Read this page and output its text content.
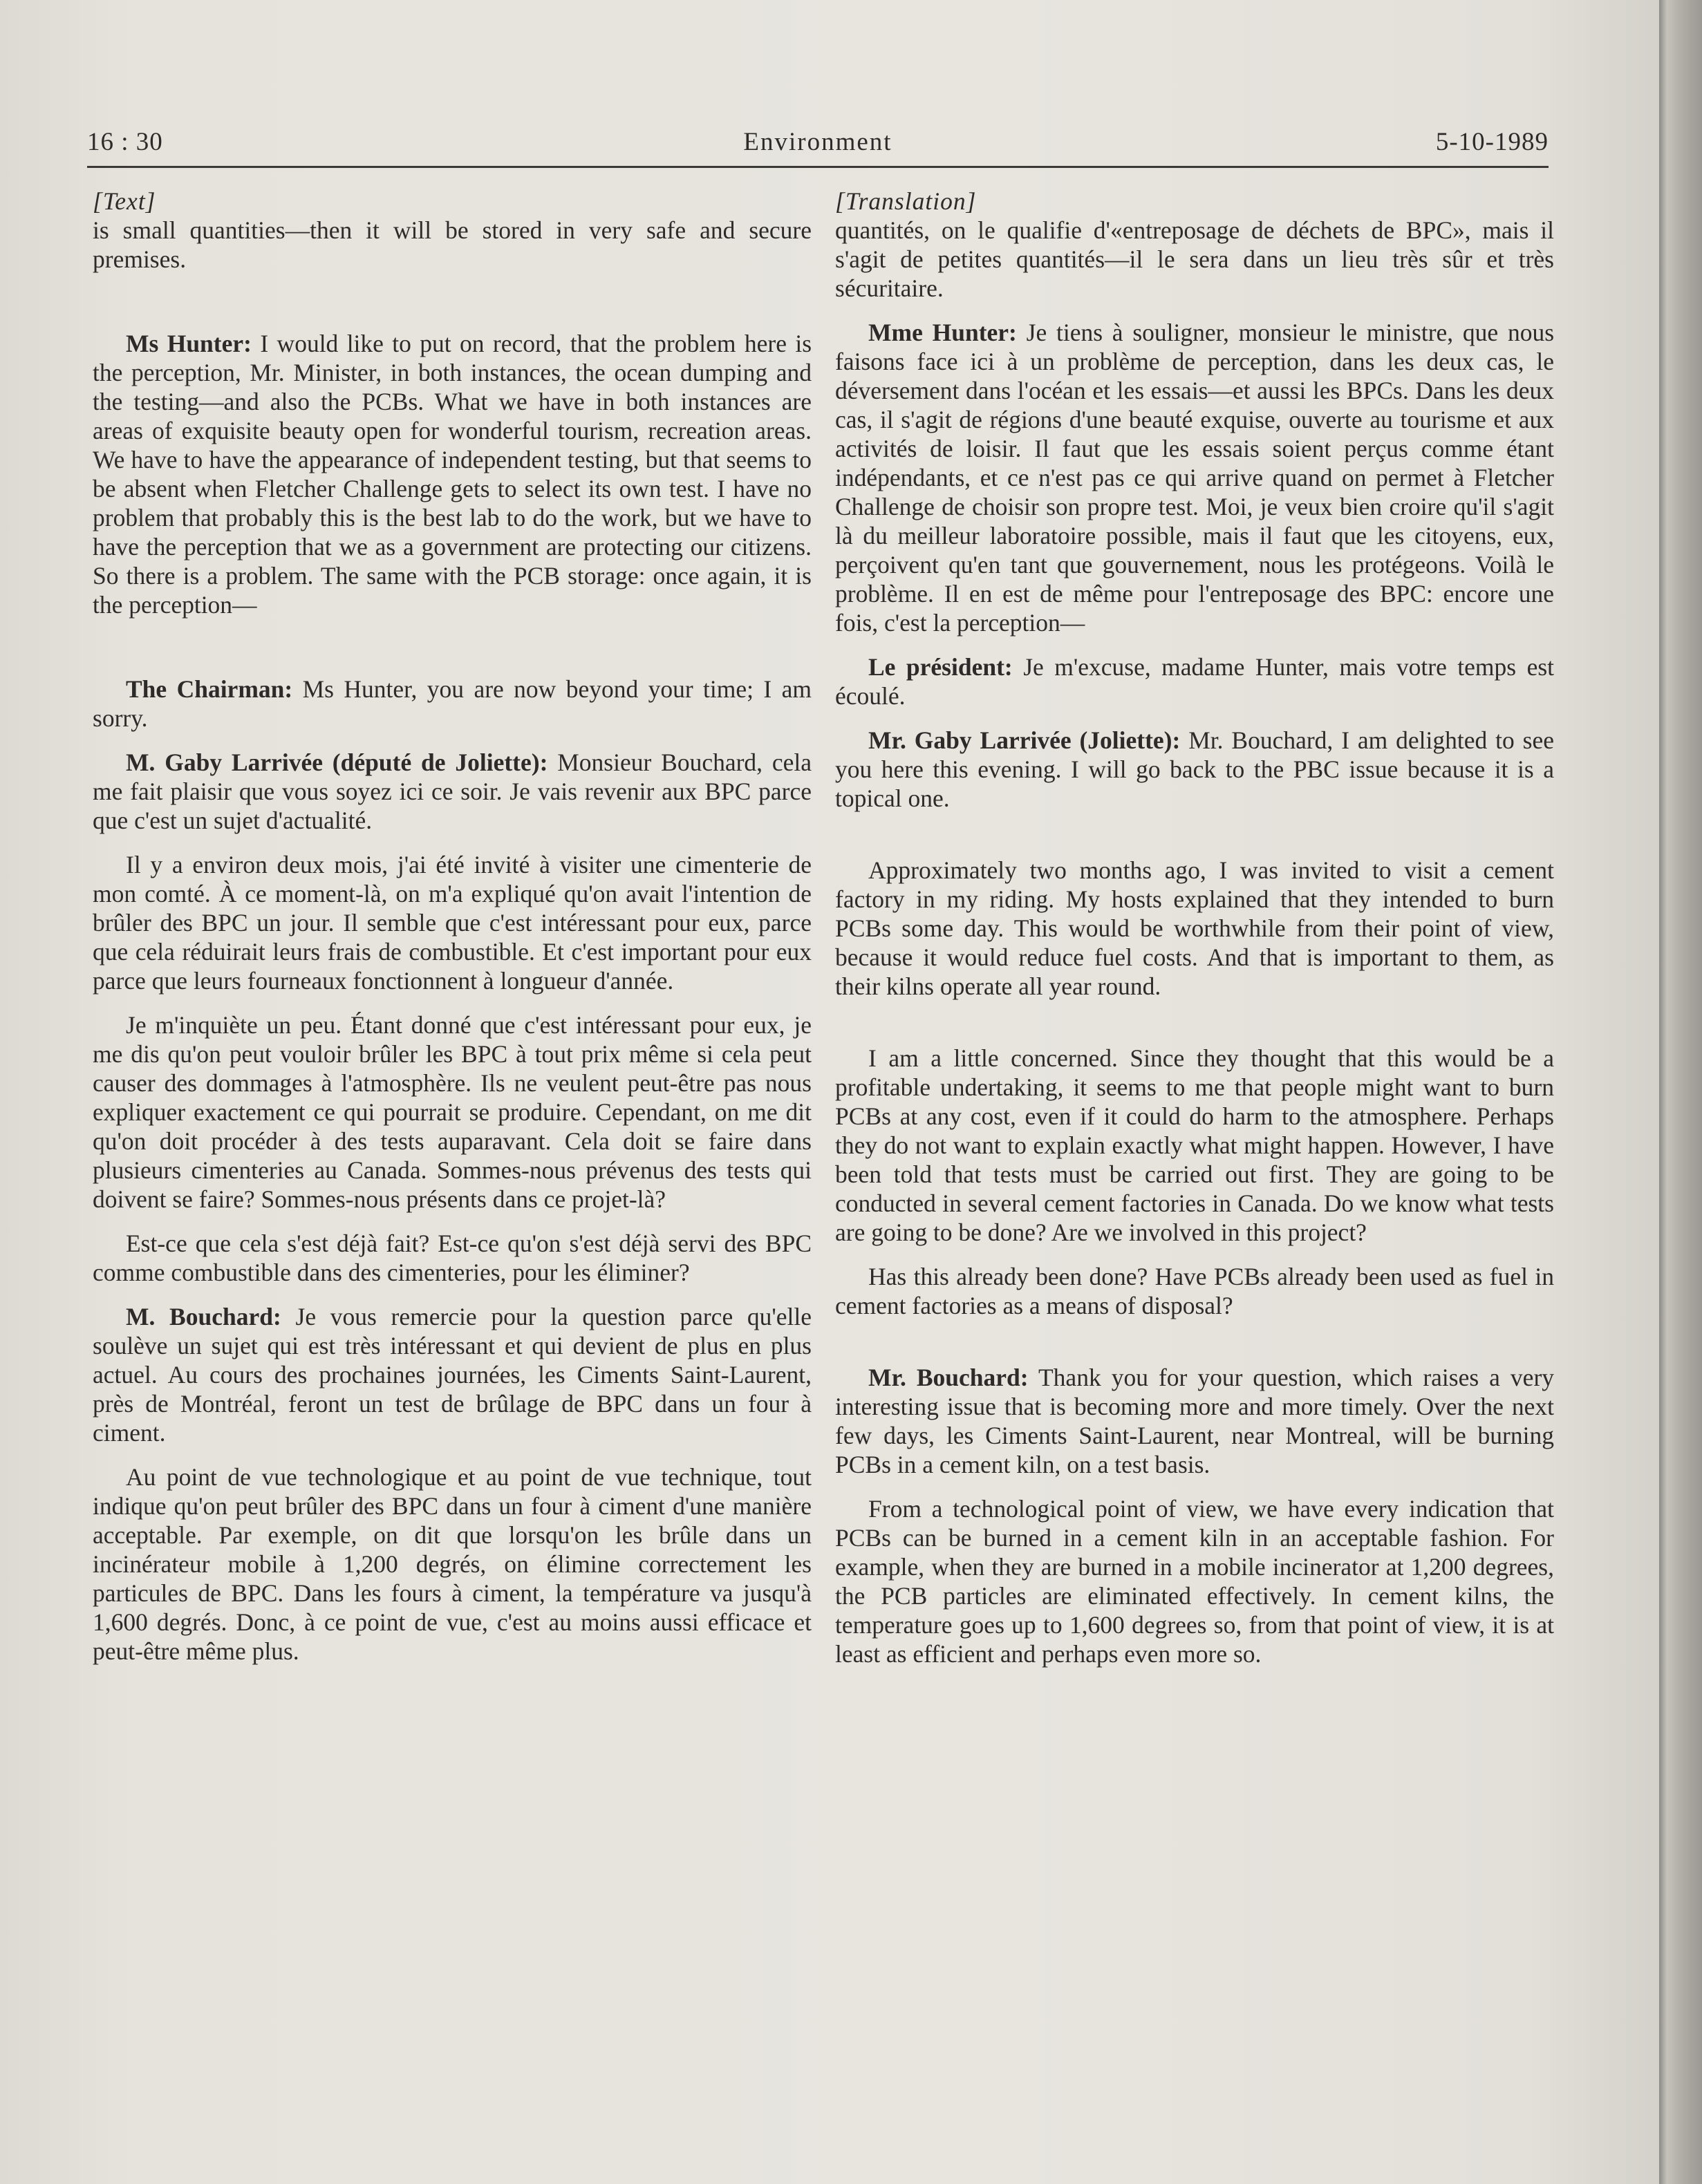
16 : 30	Environment	5-10-1989

[Text]

is small quantities—then it will be stored in very safe and secure premises.

Ms Hunter: I would like to put on record, that the problem here is the perception, Mr. Minister, in both instances, the ocean dumping and the testing—and also the PCBs. What we have in both instances are areas of exquisite beauty open for wonderful tourism, recreation areas. We have to have the appearance of independent testing, but that seems to be absent when Fletcher Challenge gets to select its own test. I have no problem that probably this is the best lab to do the work, but we have to have the perception that we as a government are protecting our citizens. So there is a problem. The same with the PCB storage: once again, it is the perception—

The Chairman: Ms Hunter, you are now beyond your time; I am sorry.

M. Gaby Larrivée (député de Joliette): Monsieur Bouchard, cela me fait plaisir que vous soyez ici ce soir. Je vais revenir aux BPC parce que c'est un sujet d'actualité.

Il y a environ deux mois, j'ai été invité à visiter une cimenterie de mon comté. À ce moment-là, on m'a expliqué qu'on avait l'intention de brûler des BPC un jour. Il semble que c'est intéressant pour eux, parce que cela réduirait leurs frais de combustible. Et c'est important pour eux parce que leurs fourneaux fonctionnent à longueur d'année.

Je m'inquiète un peu. Étant donné que c'est intéressant pour eux, je me dis qu'on peut vouloir brûler les BPC à tout prix même si cela peut causer des dommages à l'atmosphère. Ils ne veulent peut-être pas nous expliquer exactement ce qui pourrait se produire. Cependant, on me dit qu'on doit procéder à des tests auparavant. Cela doit se faire dans plusieurs cimenteries au Canada. Sommes-nous prévenus des tests qui doivent se faire? Sommes-nous présents dans ce projet-là?

Est-ce que cela s'est déjà fait? Est-ce qu'on s'est déjà servi des BPC comme combustible dans des cimenteries, pour les éliminer?

M. Bouchard: Je vous remercie pour la question parce qu'elle soulève un sujet qui est très intéressant et qui devient de plus en plus actuel. Au cours des prochaines journées, les Ciments Saint-Laurent, près de Montréal, feront un test de brûlage de BPC dans un four à ciment.

Au point de vue technologique et au point de vue technique, tout indique qu'on peut brûler des BPC dans un four à ciment d'une manière acceptable. Par exemple, on dit que lorsqu'on les brûle dans un incinérateur mobile à 1,200 degrés, on élimine correctement les particules de BPC. Dans les fours à ciment, la température va jusqu'à 1,600 degrés. Donc, à ce point de vue, c'est au moins aussi efficace et peut-être même plus.

[Translation]

quantités, on le qualifie d'«entreposage de déchets de BPC», mais il s'agit de petites quantités—il le sera dans un lieu très sûr et très sécuritaire.

Mme Hunter: Je tiens à souligner, monsieur le ministre, que nous faisons face ici à un problème de perception, dans les deux cas, le déversement dans l'océan et les essais—et aussi les BPCs. Dans les deux cas, il s'agit de régions d'une beauté exquise, ouverte au tourisme et aux activités de loisir. Il faut que les essais soient perçus comme étant indépendants, et ce n'est pas ce qui arrive quand on permet à Fletcher Challenge de choisir son propre test. Moi, je veux bien croire qu'il s'agit là du meilleur laboratoire possible, mais il faut que les citoyens, eux, perçoivent qu'en tant que gouvernement, nous les protégeons. Voilà le problème. Il en est de même pour l'entreposage des BPC: encore une fois, c'est la perception—

Le président: Je m'excuse, madame Hunter, mais votre temps est écoulé.

Mr. Gaby Larrivée (Joliette): Mr. Bouchard, I am delighted to see you here this evening. I will go back to the PBC issue because it is a topical one.

Approximately two months ago, I was invited to visit a cement factory in my riding. My hosts explained that they intended to burn PCBs some day. This would be worthwhile from their point of view, because it would reduce fuel costs. And that is important to them, as their kilns operate all year round.

I am a little concerned. Since they thought that this would be a profitable undertaking, it seems to me that people might want to burn PCBs at any cost, even if it could do harm to the atmosphere. Perhaps they do not want to explain exactly what might happen. However, I have been told that tests must be carried out first. They are going to be conducted in several cement factories in Canada. Do we know what tests are going to be done? Are we involved in this project?

Has this already been done? Have PCBs already been used as fuel in cement factories as a means of disposal?

Mr. Bouchard: Thank you for your question, which raises a very interesting issue that is becoming more and more timely. Over the next few days, les Ciments Saint-Laurent, near Montreal, will be burning PCBs in a cement kiln, on a test basis.

From a technological point of view, we have every indication that PCBs can be burned in a cement kiln in an acceptable fashion. For example, when they are burned in a mobile incinerator at 1,200 degrees, the PCB particles are eliminated effectively. In cement kilns, the temperature goes up to 1,600 degrees so, from that point of view, it is at least as efficient and perhaps even more so.
